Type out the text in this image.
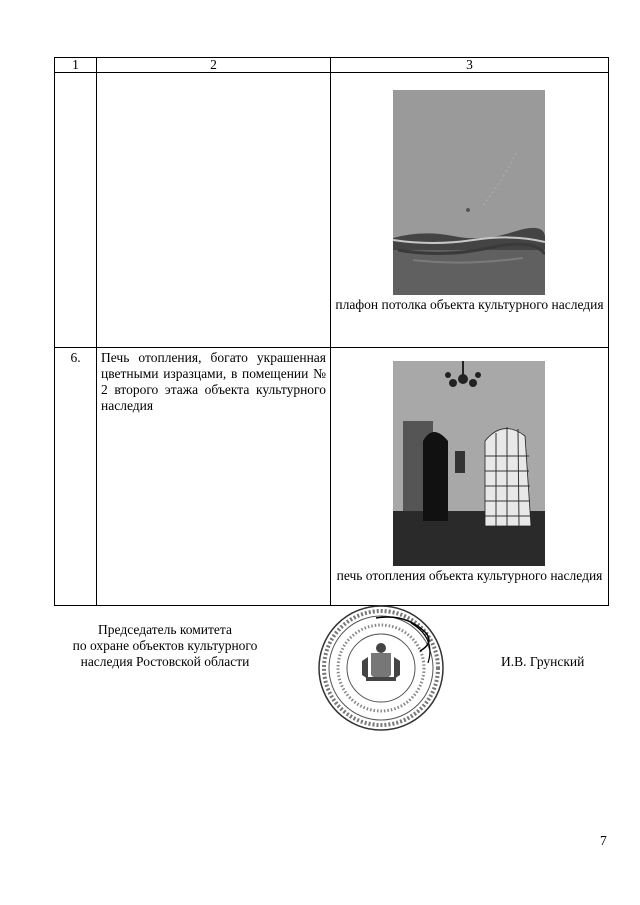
1	2	3

		плафон потолка объекта культурного наследия

6.	Печь отопления, богато украшенная цветными изразцами, в помещении № 2 второго этажа объекта культурного наследия	печь отопления объекта культурного наследия
Председатель комитета
по охране объектов культурного
наследия Ростовской области	И.В. Грунский
7
